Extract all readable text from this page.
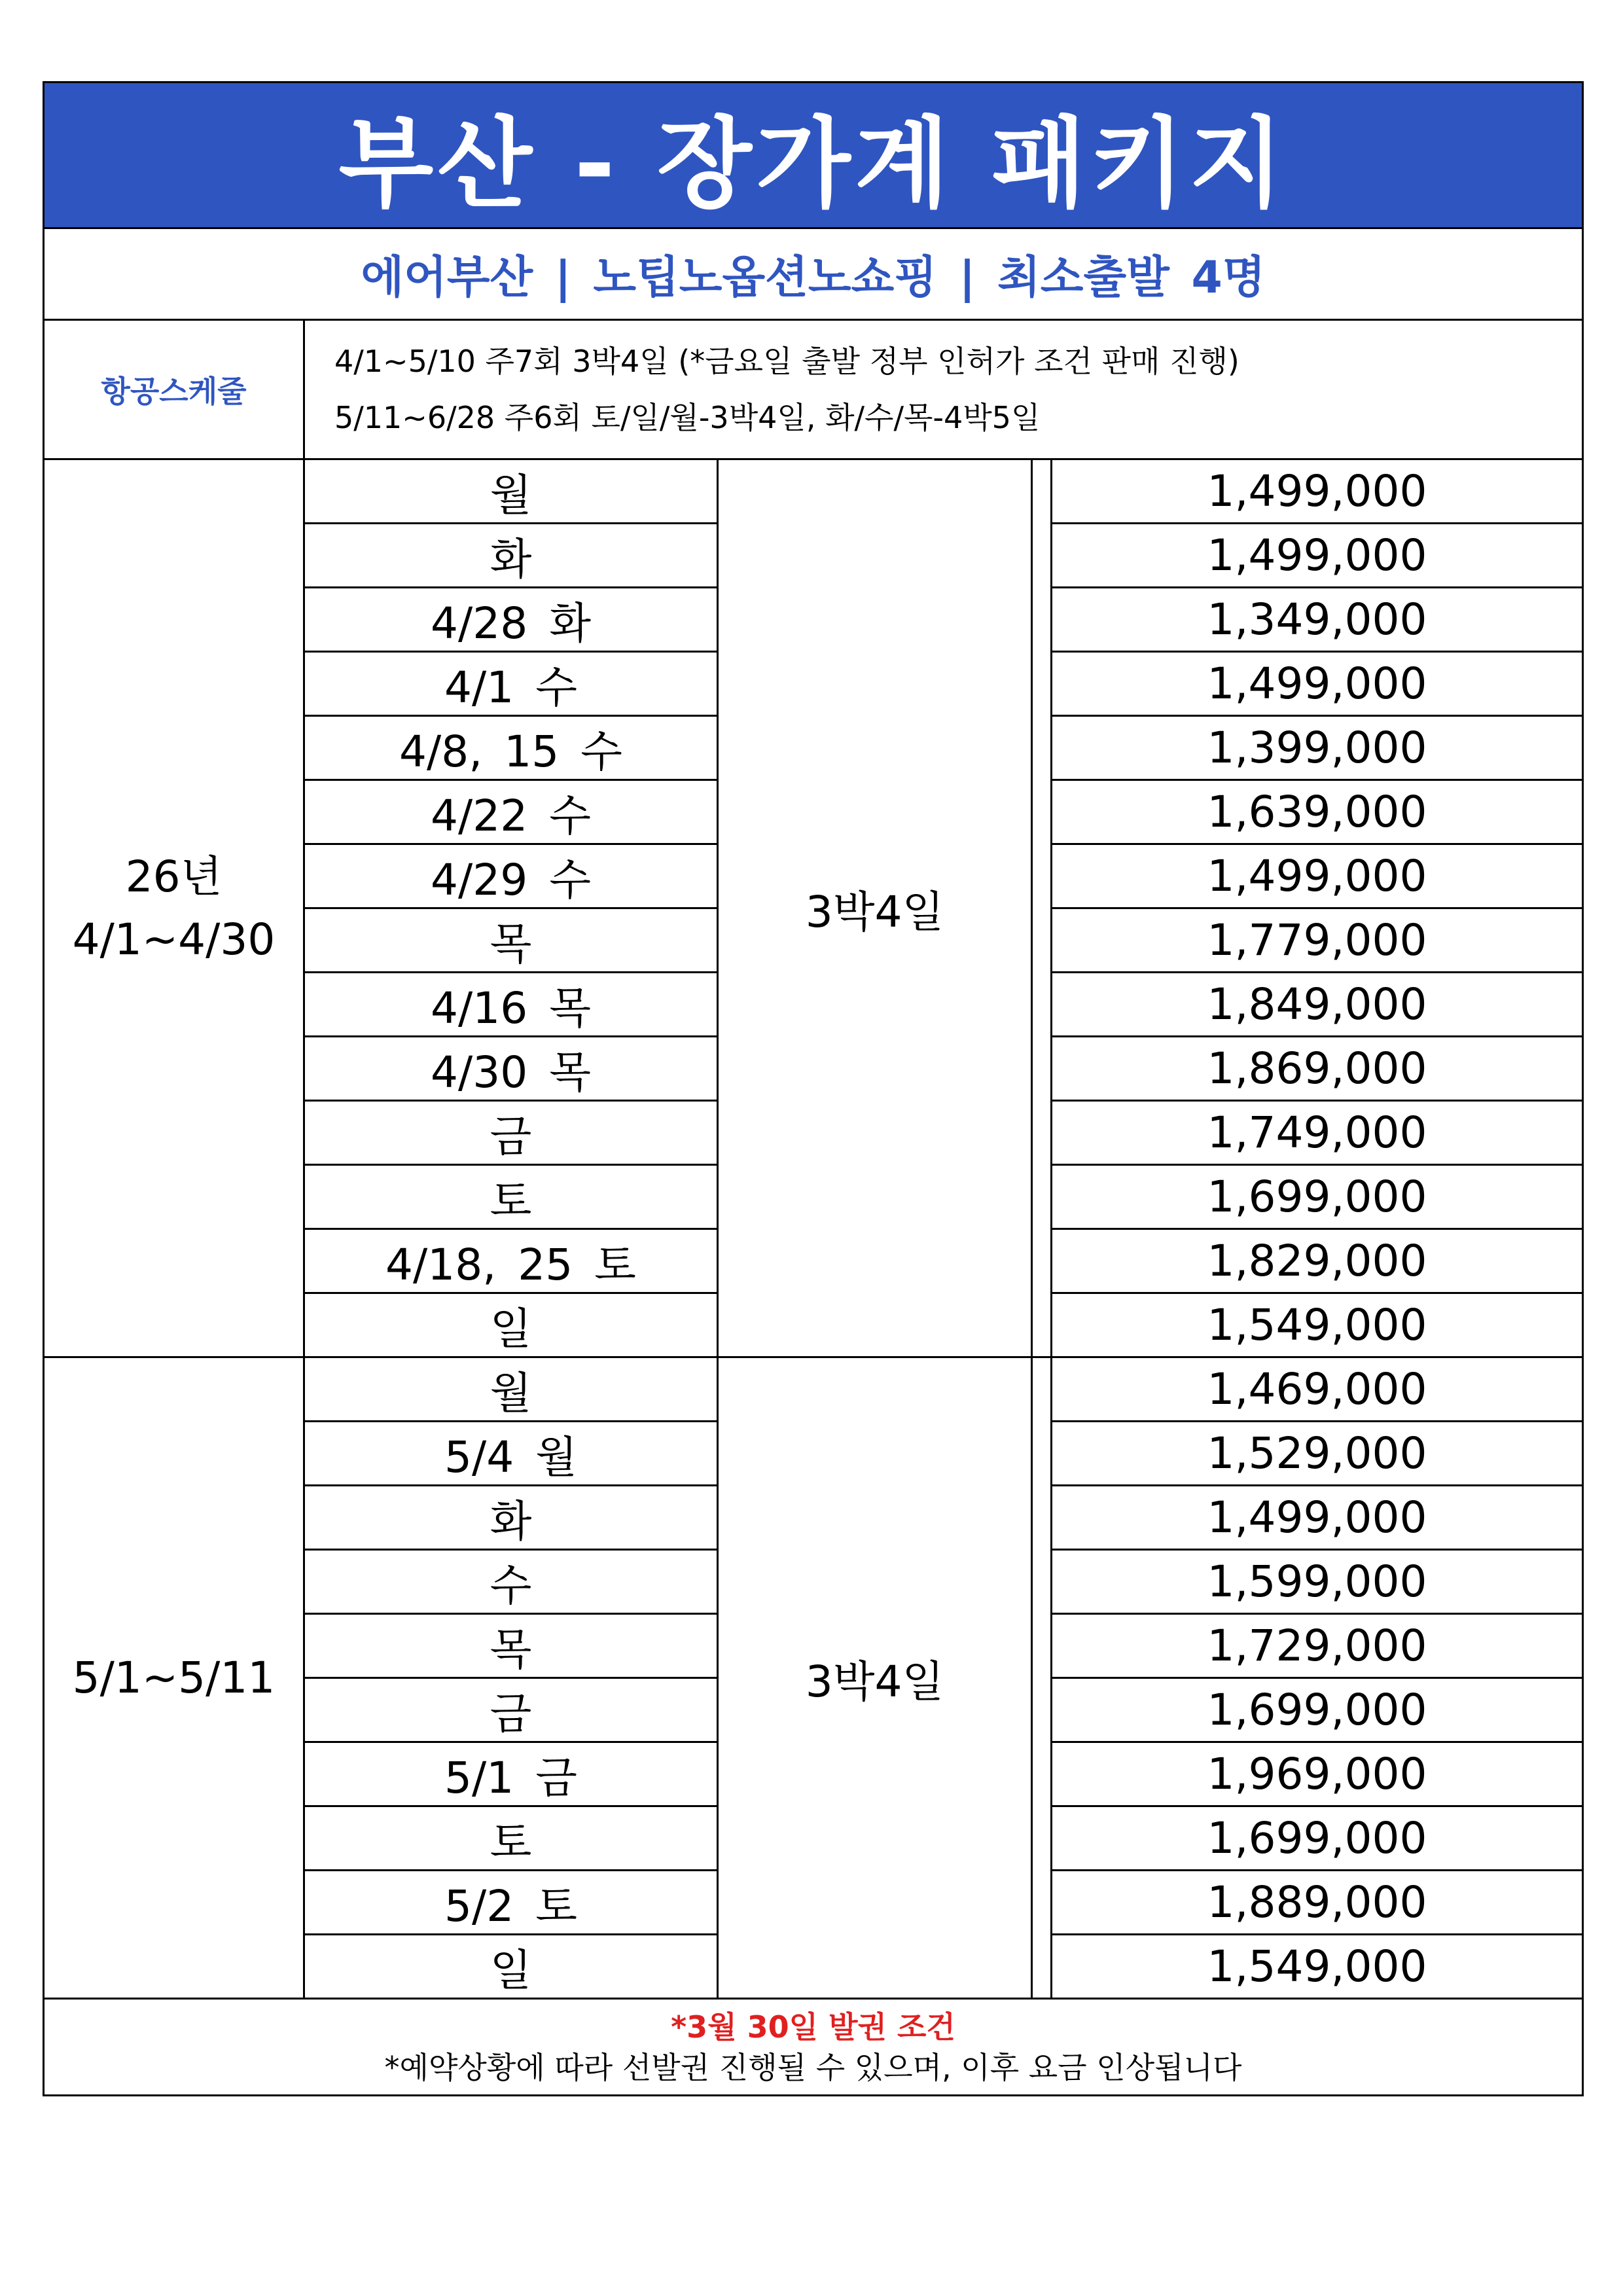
부산 - 장가계 패키지				
에어부산 | 노팁노옵션노쇼핑 | 최소출발 4명				
항공스케줄	4/1~5/10 주7회 3박4일 (*금요일 출발 정부 인허가 조건 판매 진행)
5/11~6/28 주6회 토/일/월-3박4일, 화/수/목-4박5일			

26년
4/1~4/30	월	3박4일		1,499,000
	화			1,499,000
	4/28 화			1,349,000
	4/1 수			1,499,000
	4/8, 15 수			1,399,000
	4/22 수			1,639,000
	4/29 수			1,499,000
	목			1,779,000
	4/16 목			1,849,000
	4/30 목			1,869,000
	금			1,749,000
	토			1,699,000
	4/18, 25 토			1,829,000
	일			1,549,000

5/1~5/11	월	3박4일		1,469,000
	5/4 월			1,529,000
	화			1,499,000
	수			1,599,000
	목			1,729,000
	금			1,699,000
	5/1 금			1,969,000
	토			1,699,000
	5/2 토			1,889,000
	일			1,549,000

*3월 30일 발권 조건
*예약상황에 따라 선발권 진행될 수 있으며, 이후 요금 인상됩니다				
